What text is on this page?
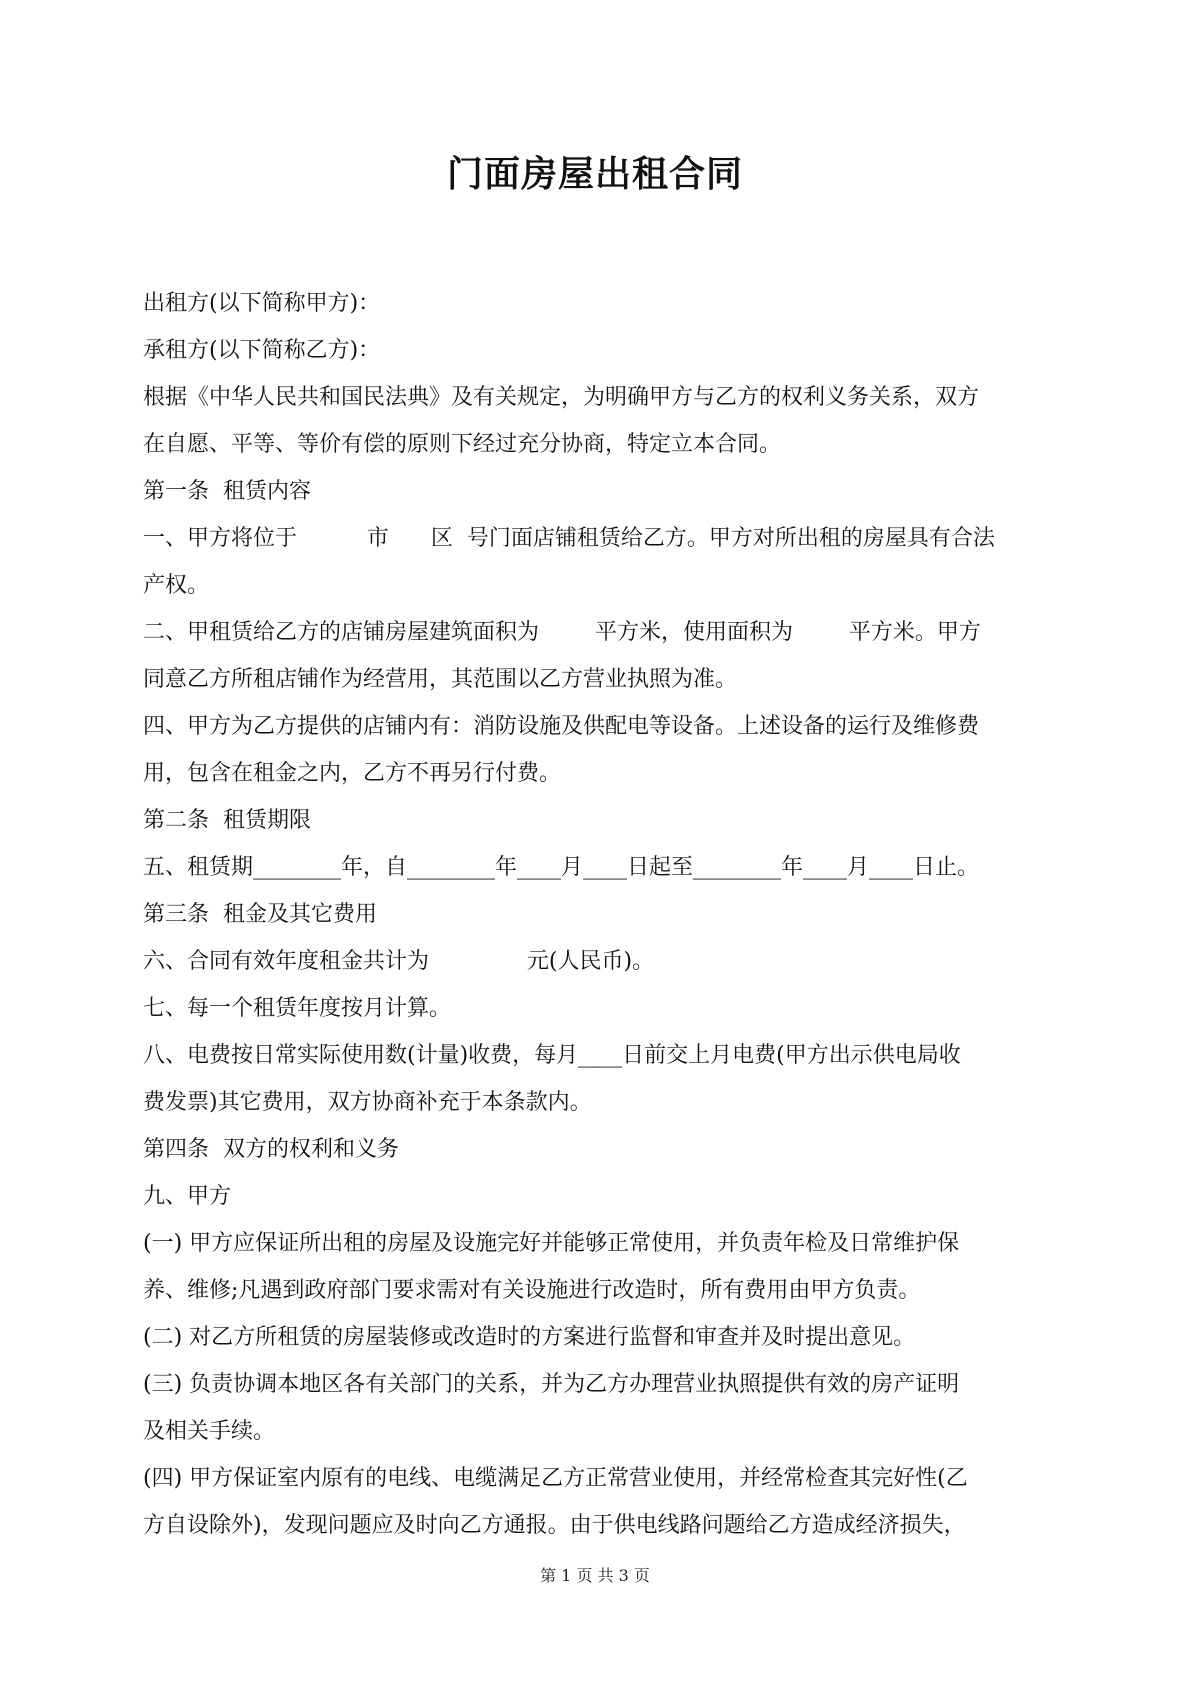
门面房屋出租合同

出租方(以下简称甲方)：

承租方(以下简称乙方)：

根据《中华人民共和国民法典》及有关规定，为明确甲方与乙方的权利义务关系，双方

在自愿、平等、等价有偿的原则下经过充分协商，特定立本合同。

第一条  租赁内容

一、甲方将位于          市      区  号门面店铺租赁给乙方。甲方对所出租的房屋具有合法

产权。

二、甲租赁给乙方的店铺房屋建筑面积为        平方米，使用面积为        平方米。甲方

同意乙方所租店铺作为经营用，其范围以乙方营业执照为准。

四、甲方为乙方提供的店铺内有：消防设施及供配电等设备。上述设备的运行及维修费

用，包含在租金之内，乙方不再另行付费。

第二条  租赁期限

五、租赁期________年，自________年____月____日起至________年____月____日止。

第三条  租金及其它费用

六、合同有效年度租金共计为              元(人民币)。

七、每一个租赁年度按月计算。

八、电费按日常实际使用数(计量)收费，每月____日前交上月电费(甲方出示供电局收

费发票)其它费用，双方协商补充于本条款内。

第四条  双方的权利和义务

九、甲方

(一) 甲方应保证所出租的房屋及设施完好并能够正常使用，并负责年检及日常维护保

养、维修;凡遇到政府部门要求需对有关设施进行改造时，所有费用由甲方负责。

(二) 对乙方所租赁的房屋装修或改造时的方案进行监督和审查并及时提出意见。

(三) 负责协调本地区各有关部门的关系，并为乙方办理营业执照提供有效的房产证明

及相关手续。

(四) 甲方保证室内原有的电线、电缆满足乙方正常营业使用，并经常检查其完好性(乙

方自设除外)，发现问题应及时向乙方通报。由于供电线路问题给乙方造成经济损失，

第 1 页 共 3 页
